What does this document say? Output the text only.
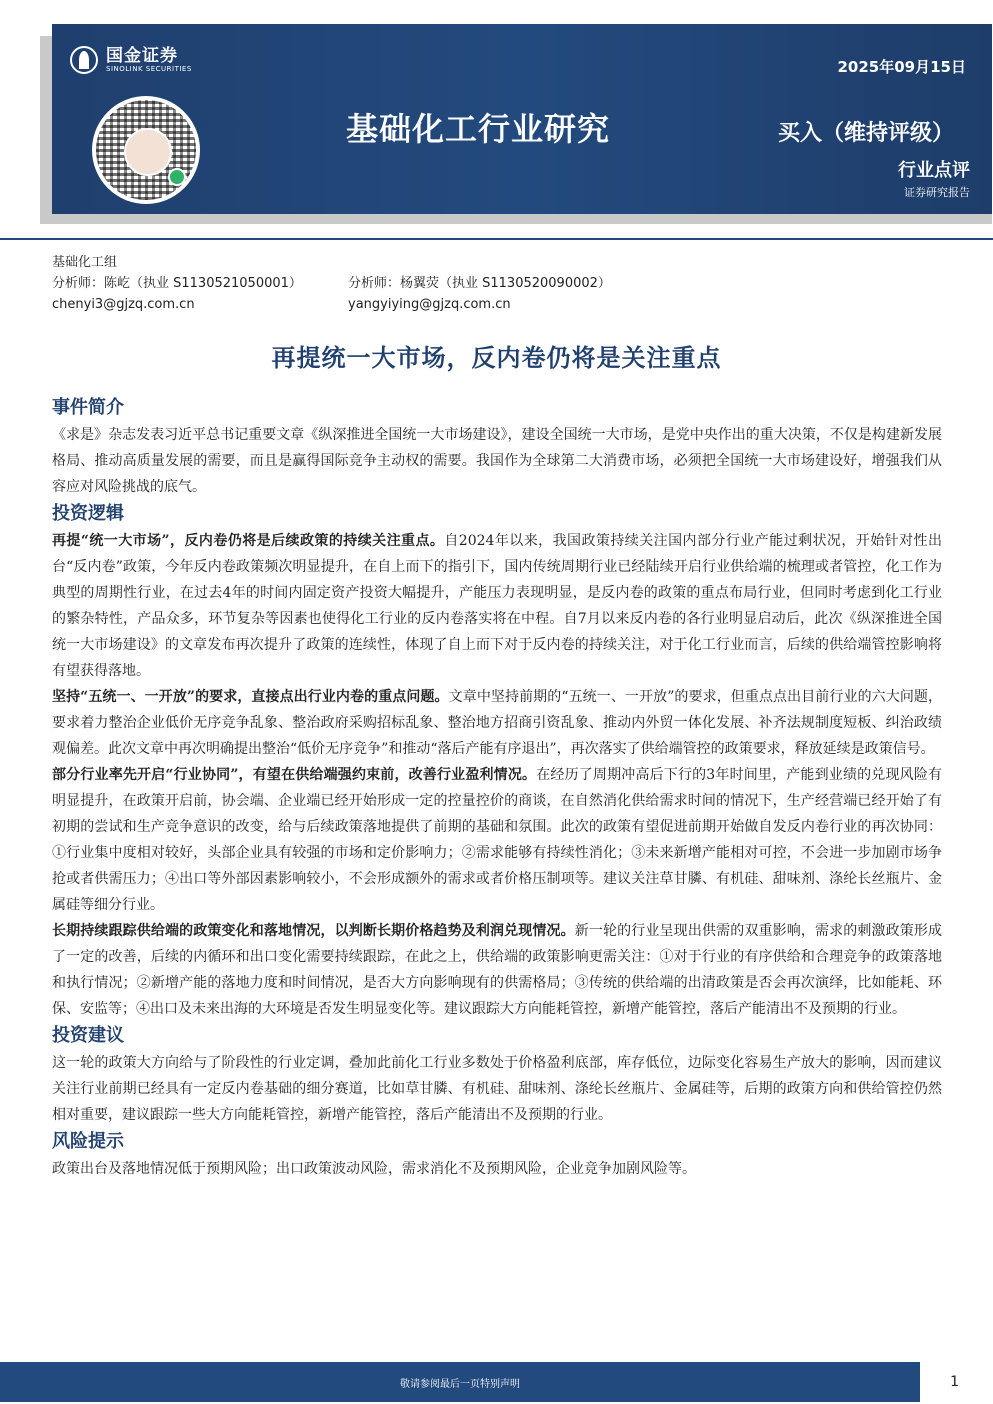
国金证券
SINOLINK SECURITIES
基础化工行业研究
2025年09月15日
买入（维持评级）
行业点评
证券研究报告
基础化工组
分析师：陈屹（执业 S1130521050001）	分析师：杨翼荧（执业 S1130520090002）
chenyi3@gjzq.com.cn	yangyiying@gjzq.com.cn
再提统一大市场，反内卷仍将是关注重点
事件简介

《求是》杂志发表习近平总书记重要文章《纵深推进全国统一大市场建设》，建设全国统一大市场，是党中央作出的重大决策，不仅是构建新发展格局、推动高质量发展的需要，而且是赢得国际竞争主动权的需要。我国作为全球第二大消费市场，必须把全国统一大市场建设好，增强我们从容应对风险挑战的底气。

投资逻辑

再提“统一大市场”，反内卷仍将是后续政策的持续关注重点。自2024年以来，我国政策持续关注国内部分行业产能过剩状况，开始针对性出台“反内卷”政策，今年反内卷政策频次明显提升，在自上而下的指引下，国内传统周期行业已经陆续开启行业供给端的梳理或者管控，化工作为典型的周期性行业，在过去4年的时间内固定资产投资大幅提升，产能压力表现明显，是反内卷的政策的重点布局行业，但同时考虑到化工行业的繁杂特性，产品众多，环节复杂等因素也使得化工行业的反内卷落实将在中程。自7月以来反内卷的各行业明显启动后，此次《纵深推进全国统一大市场建设》的文章发布再次提升了政策的连续性，体现了自上而下对于反内卷的持续关注，对于化工行业而言，后续的供给端管控影响将有望获得落地。

坚持“五统一、一开放”的要求，直接点出行业内卷的重点问题。文章中坚持前期的“五统一、一开放”的要求，但重点点出目前行业的六大问题，要求着力整治企业低价无序竞争乱象、整治政府采购招标乱象、整治地方招商引资乱象、推动内外贸一体化发展、补齐法规制度短板、纠治政绩观偏差。此次文章中再次明确提出整治“低价无序竞争”和推动“落后产能有序退出”，再次落实了供给端管控的政策要求，释放延续是政策信号。

部分行业率先开启“行业协同”，有望在供给端强约束前，改善行业盈利情况。在经历了周期冲高后下行的3年时间里，产能到业绩的兑现风险有明显提升，在政策开启前，协会端、企业端已经开始形成一定的控量控价的商谈，在自然消化供给需求时间的情况下，生产经营端已经开始了有初期的尝试和生产竞争意识的改变，给与后续政策落地提供了前期的基础和氛围。此次的政策有望促进前期开始做自发反内卷行业的再次协同：①行业集中度相对较好，头部企业具有较强的市场和定价影响力；②需求能够有持续性消化；③未来新增产能相对可控，不会进一步加剧市场争抢或者供需压力；④出口等外部因素影响较小，不会形成额外的需求或者价格压制项等。建议关注草甘膦、有机硅、甜味剂、涤纶长丝瓶片、金属硅等细分行业。

长期持续跟踪供给端的政策变化和落地情况，以判断长期价格趋势及利润兑现情况。新一轮的行业呈现出供需的双重影响，需求的刺激政策形成了一定的改善，后续的内循环和出口变化需要持续跟踪，在此之上，供给端的政策影响更需关注：①对于行业的有序供给和合理竞争的政策落地和执行情况；②新增产能的落地力度和时间情况，是否大方向影响现有的供需格局；③传统的供给端的出清政策是否会再次演绎，比如能耗、环保、安监等；④出口及未来出海的大环境是否发生明显变化等。建议跟踪大方向能耗管控，新增产能管控，落后产能清出不及预期的行业。

投资建议

这一轮的政策大方向给与了阶段性的行业定调，叠加此前化工行业多数处于价格盈利底部，库存低位，边际变化容易生产放大的影响，因而建议关注行业前期已经具有一定反内卷基础的细分赛道，比如草甘膦、有机硅、甜味剂、涤纶长丝瓶片、金属硅等，后期的政策方向和供给管控仍然相对重要，建议跟踪一些大方向能耗管控，新增产能管控，落后产能清出不及预期的行业。

风险提示

政策出台及落地情况低于预期风险；出口政策波动风险，需求消化不及预期风险，企业竞争加剧风险等。

敬请参阅最后一页特别声明	1
